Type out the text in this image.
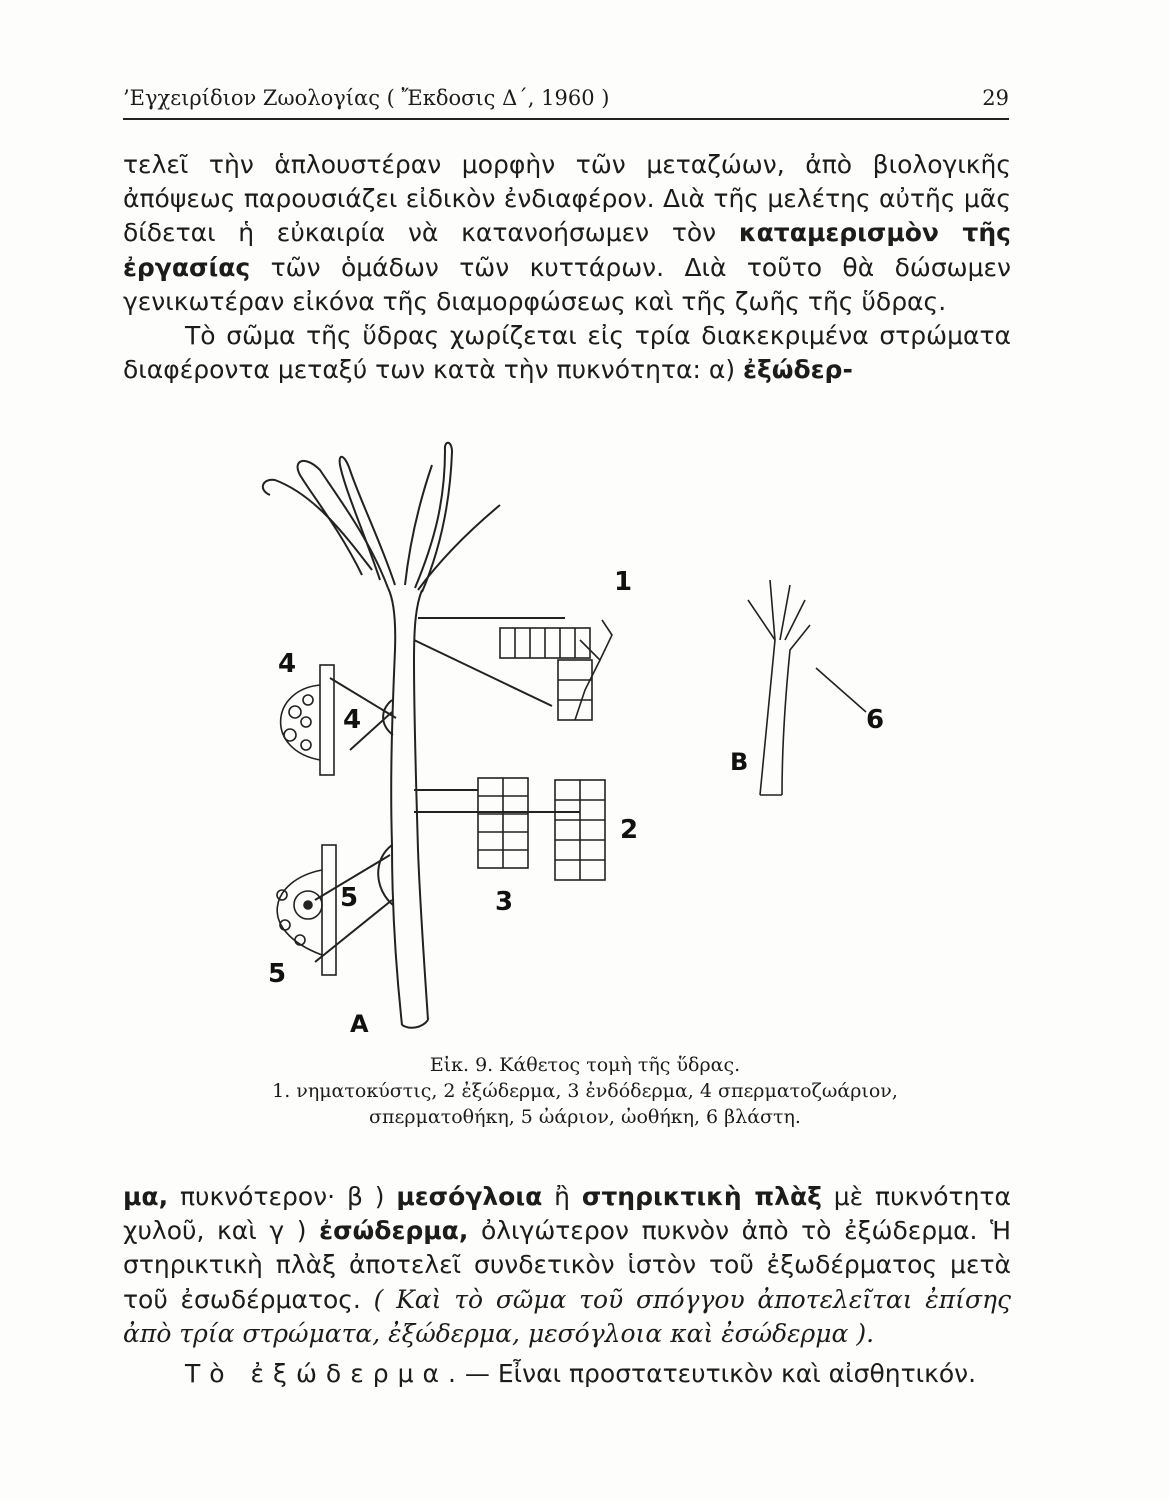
’Εγχειρίδιον Ζωολογίας ( Ἔκδοσις Δ΄, 1960 )	29

τελεῖ τὴν ἁπλουστέραν μορφὴν τῶν μεταζώων, ἀπὸ βιολογικῆς ἀπόψεως παρουσιάζει εἰδικὸν ἐνδιαφέρον. Διὰ τῆς μελέτης αὐτῆς μᾶς δίδεται ἡ εὐκαιρία νὰ κατανοήσωμεν τὸν καταμερισμὸν τῆς ἐργασίας τῶν ὁμάδων τῶν κυττάρων. Διὰ τοῦτο θὰ δώσωμεν γενικωτέραν εἰκόνα τῆς διαμορφώσεως καὶ τῆς ζωῆς τῆς ὕδρας.

Τὸ σῶμα τῆς ὕδρας χωρίζεται εἰς τρία διακεκριμένα στρώματα διαφέροντα μεταξύ των κατὰ τὴν πυκνότητα: α) ἐξώδερ-

1
2
3
4
4
5
5
6
A
B
Εἰκ. 9. Κάθετος τομὴ τῆς ὕδρας.
1. νηματοκύστις, 2 ἐξώδερμα, 3 ἐνδόδερμα, 4 σπερματοζωάριον,
σπερματοθήκη, 5 ὠάριον, ὠοθήκη, 6 βλάστη.

μα, πυκνότερον· β ) μεσόγλοια ἢ στηρικτικὴ πλὰξ μὲ πυκνότητα χυλοῦ, καὶ γ ) ἐσώδερμα, ὀλιγώτερον πυκνὸν ἀπὸ τὸ ἐξώδερμα. Ἡ στηρικτικὴ πλὰξ ἀποτελεῖ συνδετικὸν ἱστὸν τοῦ ἐξωδέρματος μετὰ τοῦ ἐσωδέρματος. ( Καὶ τὸ σῶμα τοῦ σπόγγου ἀποτελεῖται ἐπίσης ἀπὸ τρία στρώματα, ἐξώδερμα, μεσόγλοια καὶ ἐσώδερμα ).

Τὸ ἐξώδερμα.— Εἶναι προστατευτικὸν καὶ αἰσθητικόν.
